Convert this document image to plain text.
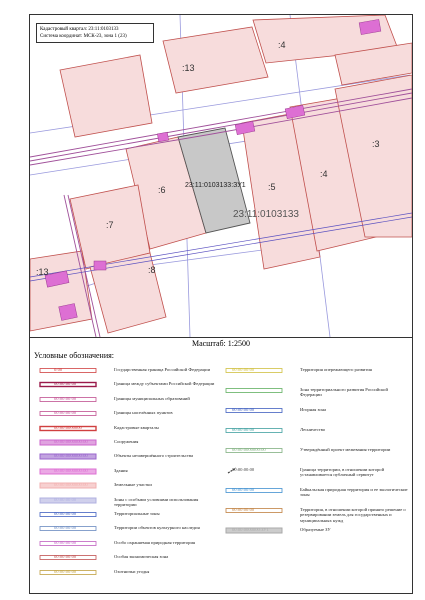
:4
:13
:6	:5
:4
:3
:7
:8
:13
23:11:0103133:ЗУ1
23:11:0103133
Кадастровый квартал: 23:11:0103133
Система координат: МСК-23, зона 1 (23)
Масштаб: 1:2500
Условные обозначения:
0:00	Государственная граница Российской Федерации
00:00:00:00	Граница между субъектами Российской Федерации
00:00:00:00	Границы муниципальных образований
00:00:00:00	Границы населённых пунктов
00:00:0000000	Кадастровые кварталы
00:00:0000000:00	Сооружения
00:00:0000000:00	Объекты незавершённого строительства
00:00:0000000:00	Здания
00:00:0000000:00	Земельные участки
00:00:00:00	Зоны с особыми условиями использования территории
00:00:00:00	Территориальные зоны
00:00:00:00	Территории объектов культурного наследия
00:00:00:00	Особо охраняемая природная территория
00:00:00:00	Особая экономическая зона
00:00:00:00	Охотничьи угодья
00:00:00:00	Территория опережающего развития
Зона территориального развития Российской Федерации
00:00:00:00	Игорная зона
00:00:00:00	Лесничество
00:00:0000000:00	Утверждённый проект межевания территории
00:00:00:00	Граница территории, в отношении которой устанавливается публичный сервитут
00:00:00:00	Байкальская природная территория и ее экологические зоны
00:00:00:00	Территория, в отношении которой принято решение о резервировании земель для государственных и муниципальных нужд
00:00:0000000:ЗУ1	Образуемые ЗУ
